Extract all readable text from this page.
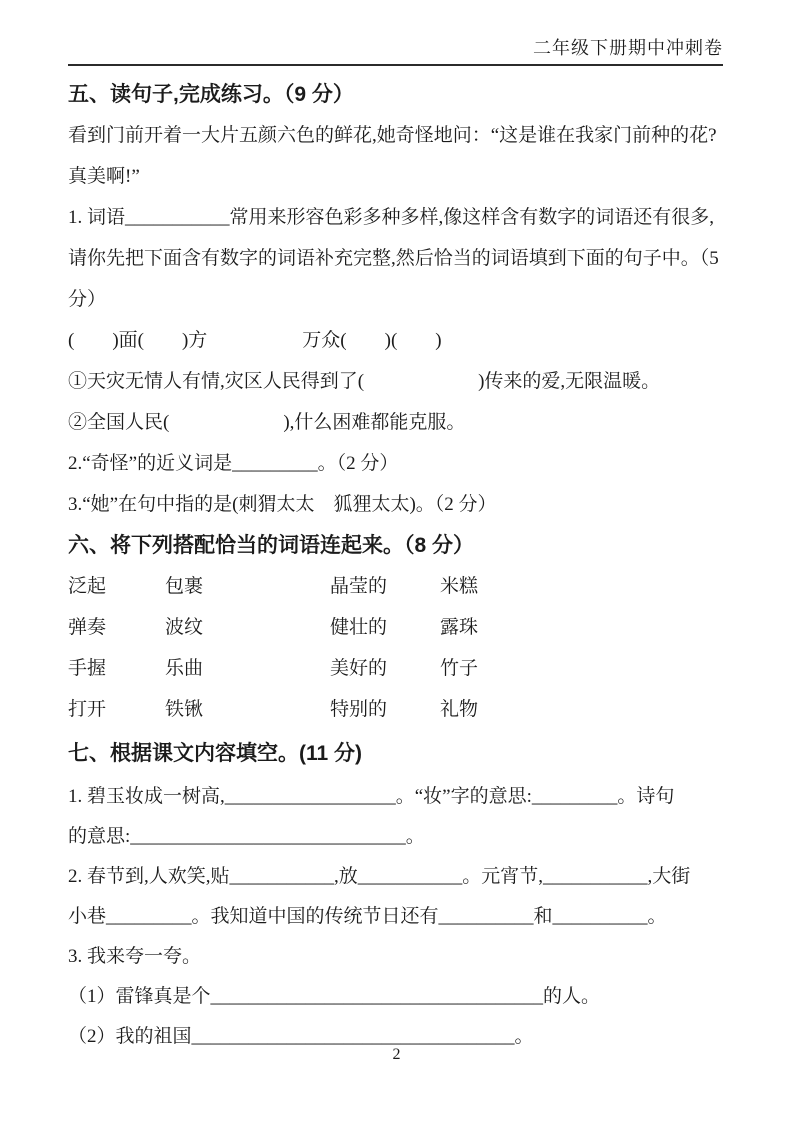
二年级下册期中冲刺卷
五、读句子,完成练习。（9 分）
看到门前开着一大片五颜六色的鲜花,她奇怪地问：“这是谁在我家门前种的花?
真美啊!”
1. 词语___________常用来形容色彩多种多样,像这样含有数字的词语还有很多,
请你先把下面含有数字的词语补充完整,然后恰当的词语填到下面的句子中。（5
分）
(　　)面(　　)方　　　　　万众(　　)(　　)
①天灾无情人有情,灾区人民得到了(　　　　　　)传来的爱,无限温暖。
②全国人民(　　　　　　),什么困难都能克服。
2.“奇怪”的近义词是_________。（2 分）
3.“她”在句中指的是(刺猬太太　狐狸太太)。（2 分）
六、将下列搭配恰当的词语连起来。（8 分）
泛起	包裹	晶莹的	米糕
弹奏	波纹	健壮的	露珠
手握	乐曲	美好的	竹子
打开	铁锹	特别的	礼物
七、根据课文内容填空。(11 分)
1. 碧玉妆成一树高,__________________。“妆”字的意思:_________。诗句
的意思:_____________________________。
2. 春节到,人欢笑,贴___________,放___________。元宵节,___________,大街
小巷_________。我知道中国的传统节日还有__________和__________。
3. 我来夸一夸。
（1）雷锋真是个___________________________________的人。
（2）我的祖国__________________________________。
2
